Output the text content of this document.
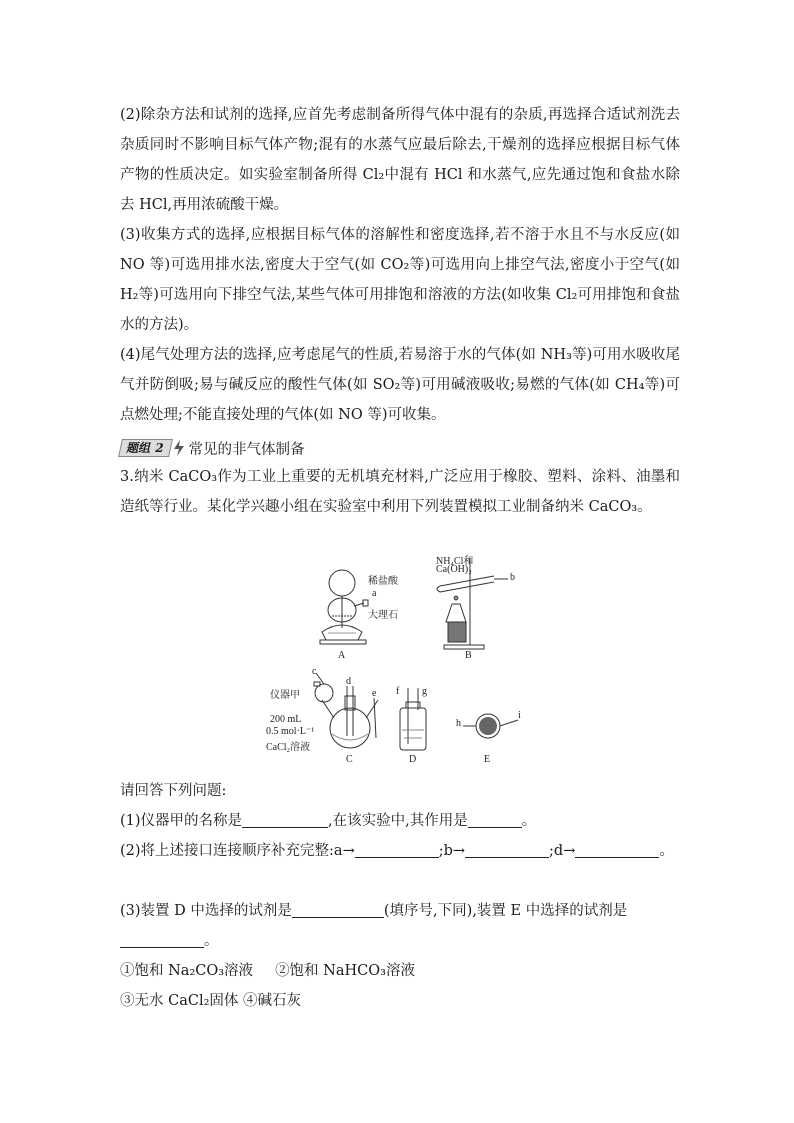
(2)除杂方法和试剂的选择,应首先考虑制备所得气体中混有的杂质,再选择合适试剂洗去杂质同时不影响目标气体产物;混有的水蒸气应最后除去,干燥剂的选择应根据目标气体产物的性质决定。如实验室制备所得 Cl₂中混有 HCl 和水蒸气,应先通过饱和食盐水除去 HCl,再用浓硫酸干燥。

(3)收集方式的选择,应根据目标气体的溶解性和密度选择,若不溶于水且不与水反应(如 NO 等)可选用排水法,密度大于空气(如 CO₂等)可选用向上排空气法,密度小于空气(如 H₂等)可选用向下排空气法,某些气体可用排饱和溶液的方法(如收集 Cl₂可用排饱和食盐水的方法)。

(4)尾气处理方法的选择,应考虑尾气的性质,若易溶于水的气体(如 NH₃等)可用水吸收尾气并防倒吸;易与碱反应的酸性气体(如 SO₂等)可用碱液吸收;易燃的气体(如 CH₄等)可点燃处理;不能直接处理的气体(如 NO 等)可收集。

题组 2	常见的非气体制备

3.纳米 CaCO₃作为工业上重要的无机填充材料,广泛应用于橡胶、塑料、涂料、油墨和造纸等行业。某化学兴趣小组在实验室中利用下列装置模拟工业制备纳米 CaCO₃。

稀盐酸
a
大理石
A
NH₄Cl和
Ca(OH)₂
b
B
仪器甲
c
d
e
200 mL
0.5 mol·L⁻¹
CaCl₂溶液
C
f g
D
h
i
E

请回答下列问题:

(1)仪器甲的名称是	,在该实验中,其作用是	。

(2)将上述接口连接顺序补充完整:a→	;b→	;d→	。

(3)装置 D 中选择的试剂是	(填序号,下同),装置 E 中选择的试剂是

。

①饱和 Na₂CO₃溶液 ②饱和 NaHCO₃溶液

③无水 CaCl₂固体 ④碱石灰
